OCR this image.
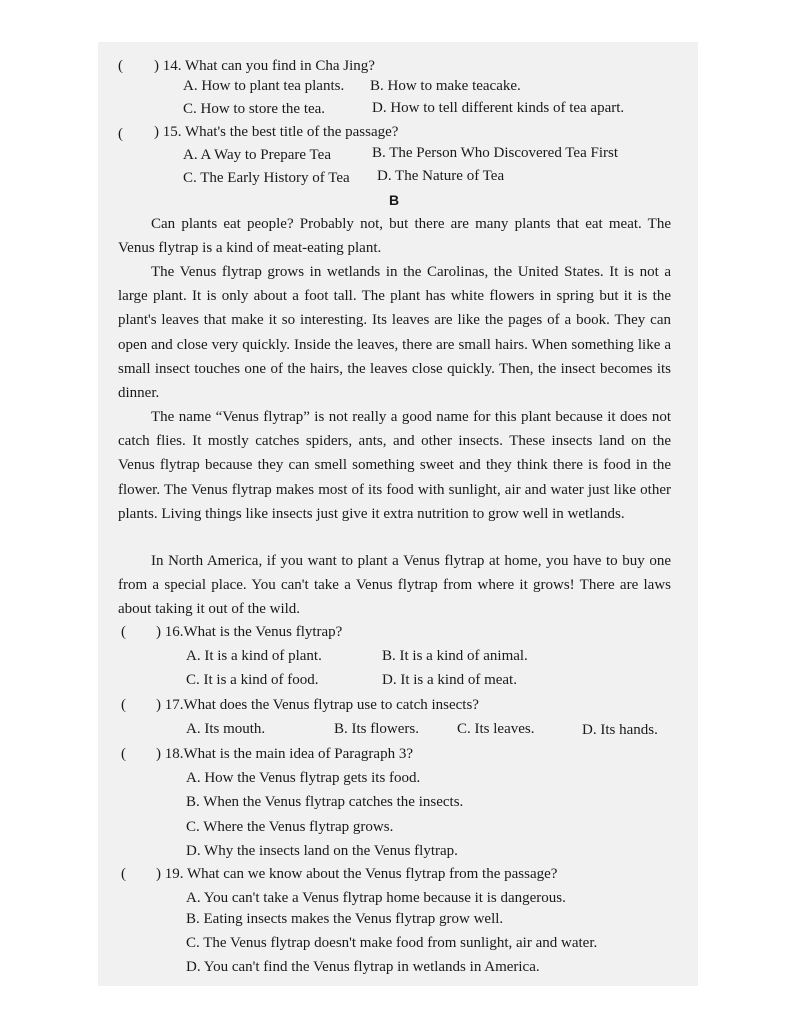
( ) 14. What can you find in Cha Jing?
A. How to plant tea plants. B. How to make teacake.
C. How to store the tea.	D. How to tell different kinds of tea apart.
( ) 15. What's the best title of the passage?
A. A Way to Prepare Tea	B. The Person Who Discovered Tea First
C. The Early History of Tea D. The Nature of Tea
B
Can plants eat people? Probably not, but there are many plants that eat meat. The Venus flytrap is a kind of meat-eating plant.
The Venus flytrap grows in wetlands in the Carolinas, the United States. It is not a large plant. It is only about a foot tall. The plant has white flowers in spring but it is the plant's leaves that make it so interesting. Its leaves are like the pages of a book. They can open and close very quickly. Inside the leaves, there are small hairs. When something like a small insect touches one of the hairs, the leaves close quickly. Then, the insect becomes its dinner.
The name “Venus flytrap” is not really a good name for this plant because it does not catch flies. It mostly catches spiders, ants, and other insects. These insects land on the Venus flytrap because they can smell something sweet and they think there is food in the flower. The Venus flytrap makes most of its food with sunlight, air and water just like other plants. Living things like insects just give it extra nutrition to grow well in wetlands.
In North America, if you want to plant a Venus flytrap at home, you have to buy one from a special place. You can't take a Venus flytrap from where it grows! There are laws about taking it out of the wild.
( ) 16.What is the Venus flytrap?
A. It is a kind of plant.	B. It is a kind of animal.
C. It is a kind of food.	D. It is a kind of meat.
( ) 17.What does the Venus flytrap use to catch insects?
A. Its mouth.	B. Its flowers.	C. Its leaves.	D. Its hands.
( ) 18.What is the main idea of Paragraph 3?
A. How the Venus flytrap gets its food.
B. When the Venus flytrap catches the insects.
C. Where the Venus flytrap grows.
D. Why the insects land on the Venus flytrap.
( ) 19. What can we know about the Venus flytrap from the passage?
A. You can't take a Venus flytrap home because it is dangerous.
B. Eating insects makes the Venus flytrap grow well.
C. The Venus flytrap doesn't make food from sunlight, air and water.
D. You can't find the Venus flytrap in wetlands in America.
